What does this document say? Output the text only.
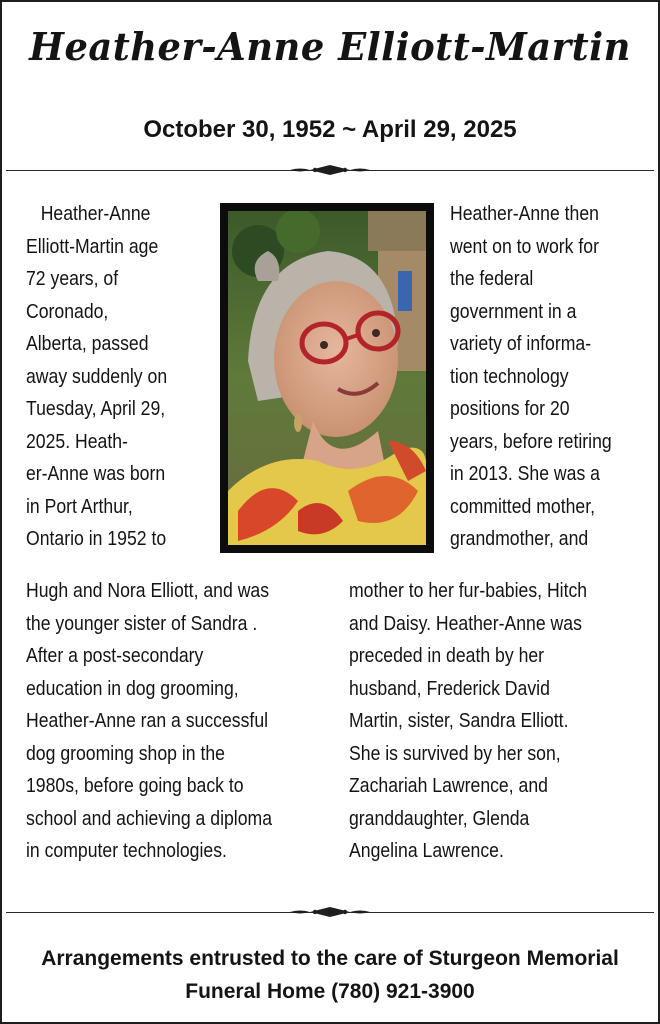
Heather-Anne Elliott-Martin
October 30, 1952 ~ April 29, 2025

Heather-Anne
Elliott-Martin age
72 years, of
Coronado,
Alberta, passed
away suddenly on
Tuesday, April 29,
2025. Heath-
er-Anne was born
in Port Arthur,
Ontario in 1952 to

Hugh and Nora Elliott, and was
the younger sister of Sandra .
After a post-secondary
education in dog grooming,
Heather-Anne ran a successful
dog grooming shop in the
1980s, before going back to
school and achieving a diploma
in computer technologies.

Heather-Anne then
went on to work for
the federal
government in a
variety of informa-
tion technology
positions for 20
years, before retiring
in 2013. She was a
committed mother,
grandmother, and

mother to her fur-babies, Hitch
and Daisy. Heather-Anne was
preceded in death by her
husband, Frederick David
Martin, sister, Sandra Elliott.
She is survived by her son,
Zachariah Lawrence, and
granddaughter, Glenda
Angelina Lawrence.

Arrangements entrusted to the care of Sturgeon Memorial
Funeral Home (780) 921-3900
